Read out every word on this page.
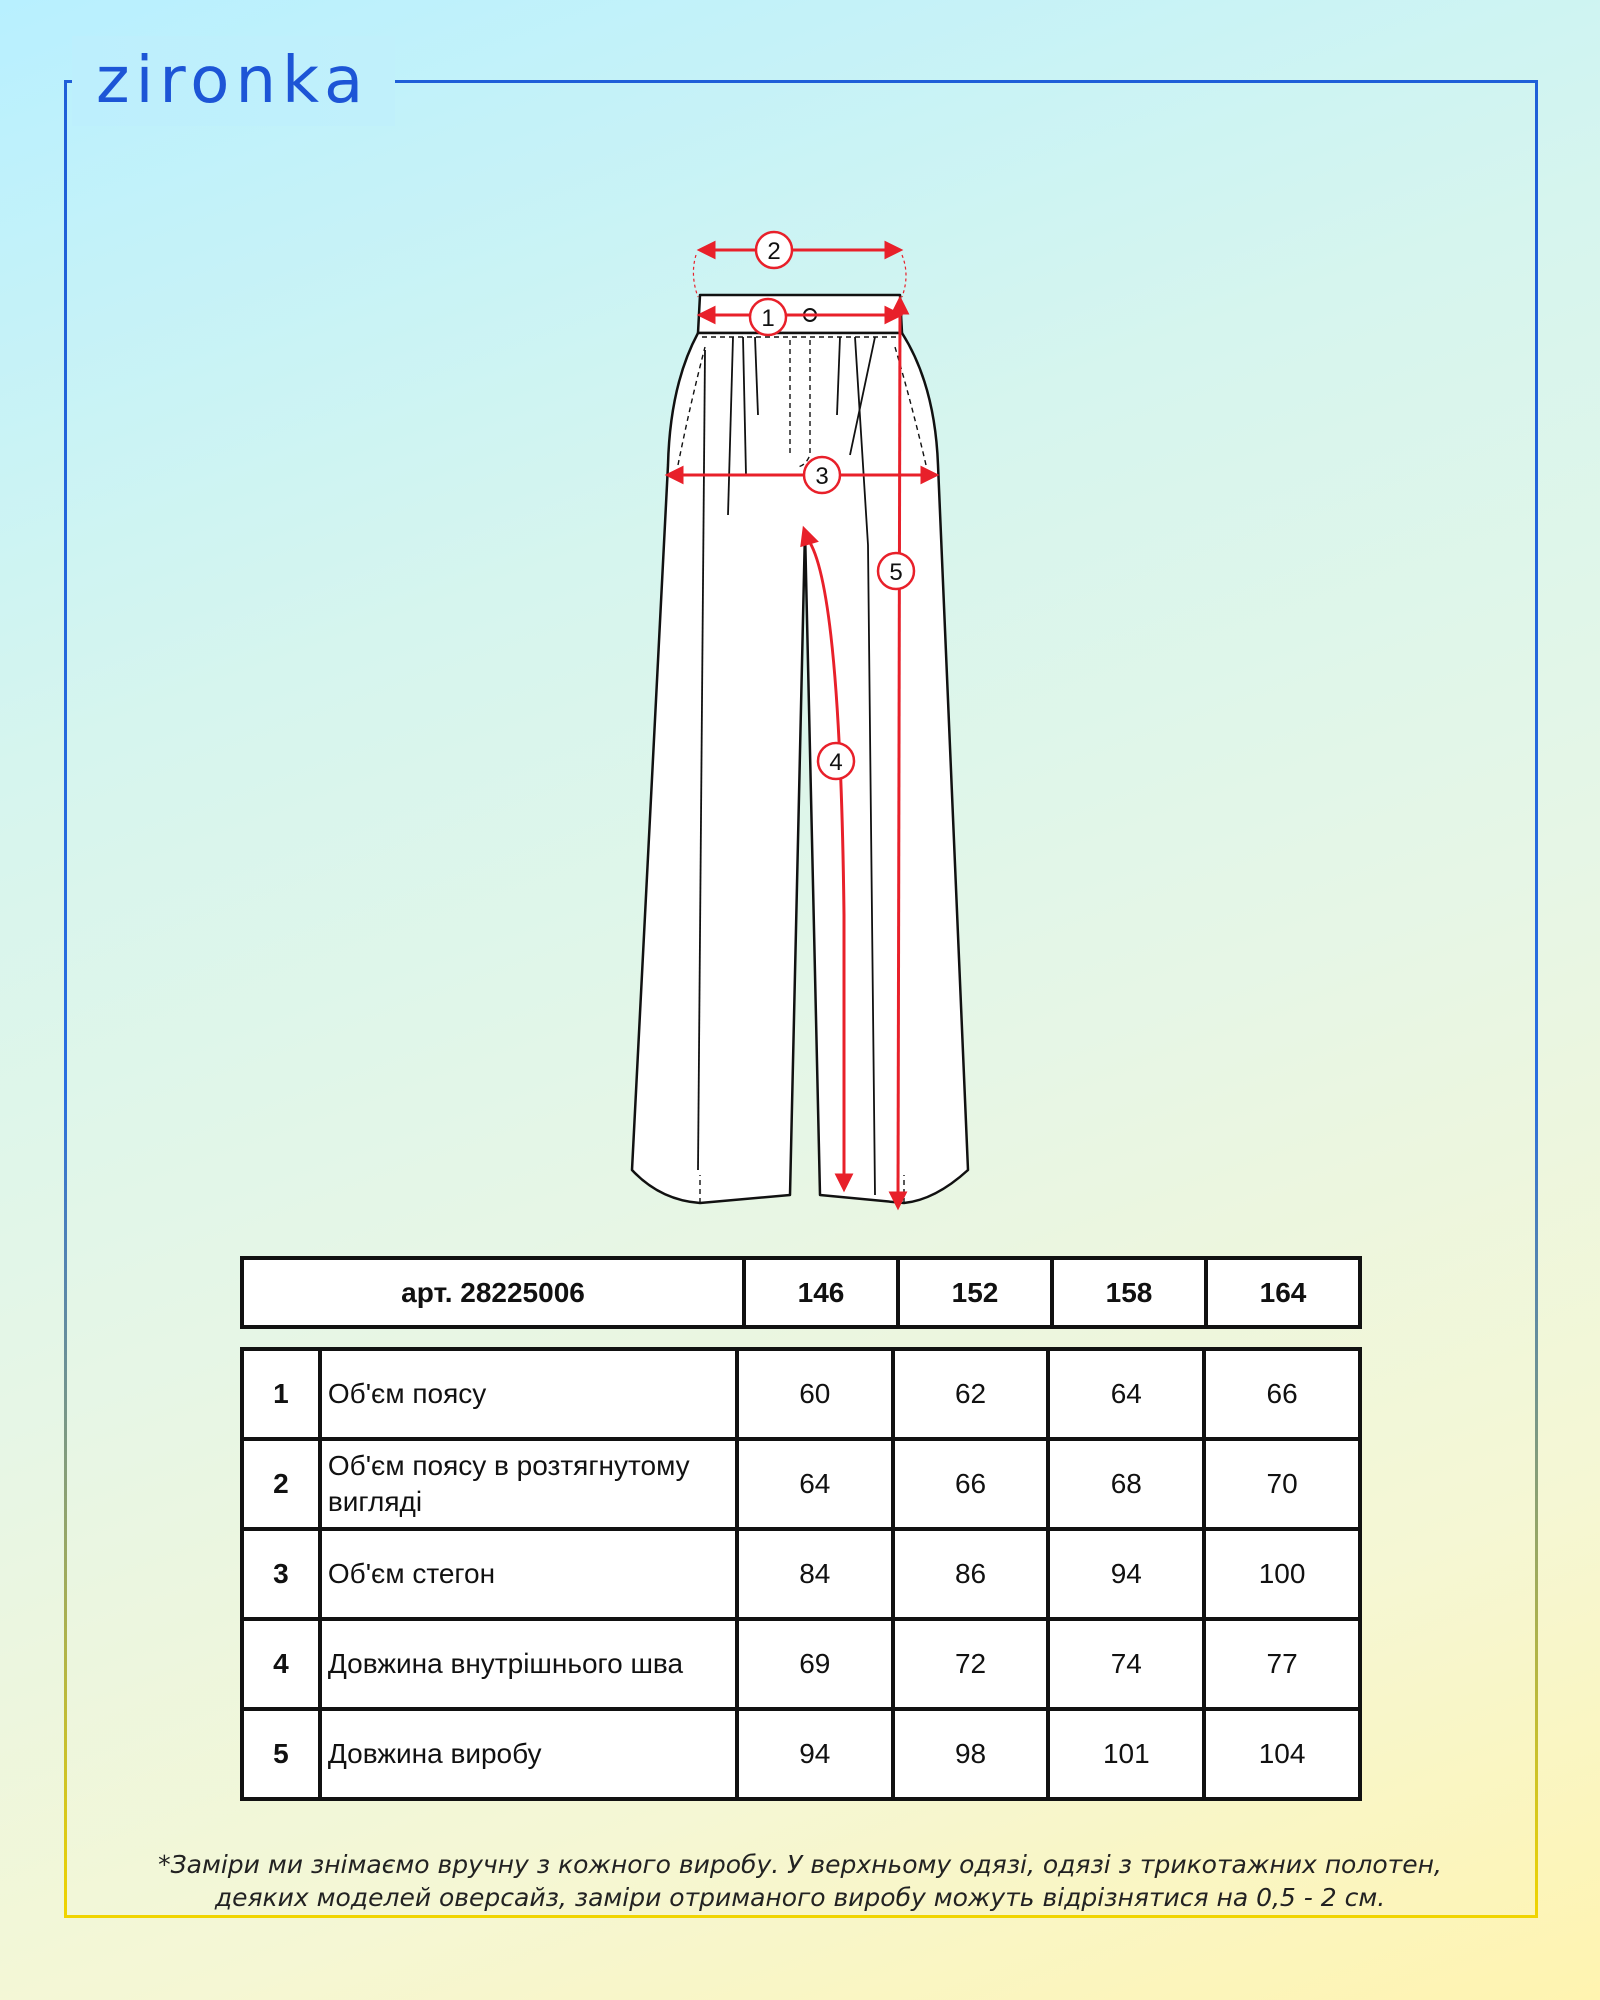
zironka
2
1
3
5
4
арт. 28225006	146	152	158	164
1	Об'єм поясу	60	62	64	66
2	Об'єм поясу в розтягнутому вигляді	64	66	68	70
3	Об'єм стегон	84	86	94	100
4	Довжина внутрішнього шва	69	72	74	77
5	Довжина виробу	94	98	101	104
*Заміри ми знімаємо вручну з кожного виробу. У верхньому одязі, одязі з трикотажних полотен,
деяких моделей оверсайз, заміри отриманого виробу можуть відрізнятися на 0,5 - 2 см.
